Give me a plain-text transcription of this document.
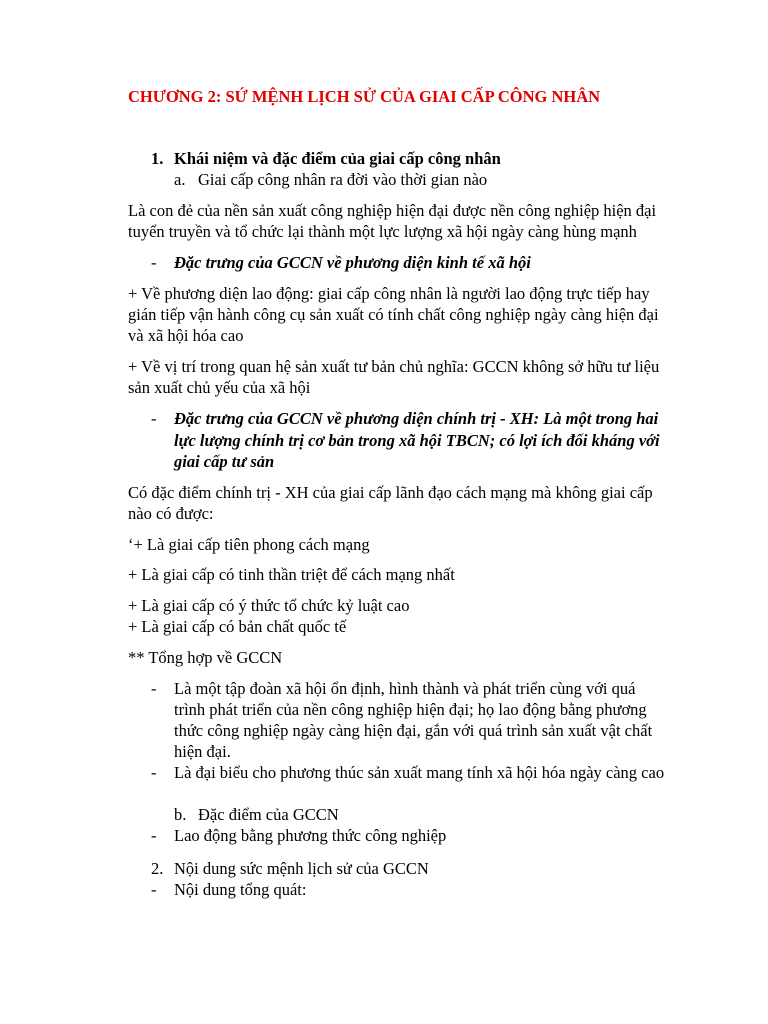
CHƯƠNG 2: SỨ MỆNH LỊCH SỬ CỦA GIAI CẤP CÔNG NHÂN
1. Khái niệm và đặc điểm của giai cấp công nhân
a. Giai cấp công nhân ra đời vào thời gian nào
Là con đẻ của nền sản xuất công nghiệp hiện đại được nền công nghiệp hiện đại
tuyển truyền và tổ chức lại thành một lực lượng xã hội ngày càng hùng mạnh
- Đặc trưng của GCCN về phương diện kinh tế xã hội
+ Về phương diện lao động: giai cấp công nhân là người lao động trực tiếp hay
gián tiếp vận hành công cụ sản xuất có tính chất công nghiệp ngày càng hiện đại
và xã hội hóa cao
+ Về vị trí trong quan hệ sản xuất tư bản chủ nghĩa: GCCN không sở hữu tư liệu
sản xuất chủ yếu của xã hội
- Đặc trưng của GCCN về phương diện chính trị - XH: Là một trong hai
lực lượng chính trị cơ bản trong xã hội TBCN; có lợi ích đối kháng với
giai cấp tư sản
Có đặc điểm chính trị - XH của giai cấp lãnh đạo cách mạng mà không giai cấp
nào có được:
‘+ Là giai cấp tiên phong cách mạng
+ Là giai cấp có tinh thần triệt để cách mạng nhất
+ Là giai cấp có ý thức tổ chức kỷ luật cao
+ Là giai cấp có bản chất quốc tế
** Tổng hợp về GCCN
- Là một tập đoàn xã hội ổn định, hình thành và phát triển cùng với quá
trình phát triển của nền công nghiệp hiện đại; họ lao động bằng phương
thức công nghiệp ngày càng hiện đại, gắn với quá trình sản xuất vật chất
hiện đại.
- Là đại biểu cho phương thúc sản xuất mang tính xã hội hóa ngày càng cao
b. Đặc điểm của GCCN
- Lao động bằng phương thức công nghiệp
2. Nội dung sức mệnh lịch sử của GCCN
- Nội dung tổng quát:
